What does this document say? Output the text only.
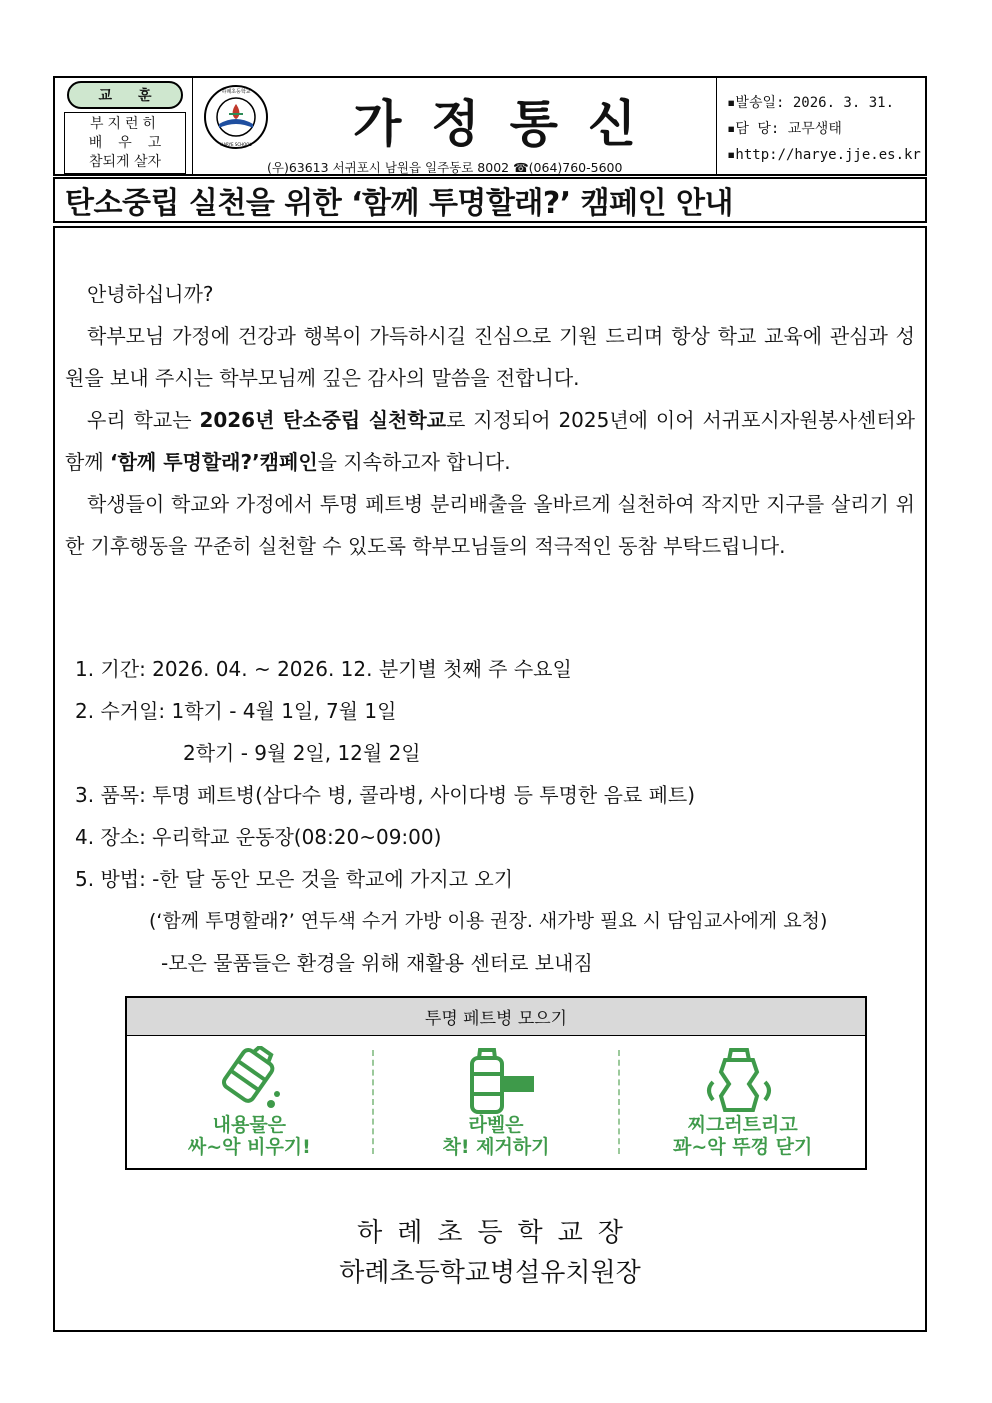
교훈
부지런히
배우고
참되게 살자
하례초등학교
HARYE SCHOOL 가정통신
(우)63613 서귀포시 남원읍 일주동로 8002 ☎(064)760-5600
▪발송일: 2026. 3. 31.
▪담 당: 교무생태
▪http://harye.jje.es.kr
탄소중립 실천을 위한 ‘함께 투명할래?’ 캠페인 안내
안녕하십니까?
학부모님 가정에 건강과 행복이 가득하시길 진심으로 기원 드리며 항상 학교 교육에 관심과 성원을 보내 주시는 학부모님께 깊은 감사의 말씀을 전합니다.
우리 학교는 2026년 탄소중립 실천학교로 지정되어 2025년에 이어 서귀포시자원봉사센터와 함께 ‘함께 투명할래?’캠페인을 지속하고자 합니다.
학생들이 학교와 가정에서 투명 페트병 분리배출을 올바르게 실천하여 작지만 지구를 살리기 위한 기후행동을 꾸준히 실천할 수 있도록 학부모님들의 적극적인 동참 부탁드립니다.
1. 기간: 2026. 04. ~ 2026. 12. 분기별 첫째 주 수요일
2. 수거일: 1학기 - 4월 1일, 7월 1일
2학기 - 9월 2일, 12월 2일
3. 품목: 투명 페트병(삼다수 병, 콜라병, 사이다병 등 투명한 음료 페트)
4. 장소: 우리학교 운동장(08:20~09:00)
5. 방법: -한 달 동안 모은 것을 학교에 가지고 오기
(‘함께 투명할래?’ 연두색 수거 가방 이용 권장. 새가방 필요 시 담임교사에게 요청)
-모은 물품들은 환경을 위해 재활용 센터로 보내짐
투명 페트병 모으기
내용물은
싸~악 비우기!
라벨은
착! 제거하기
찌그러트리고
꽈~악 뚜껑 닫기
하례초등학교장
하례초등학교병설유치원장
